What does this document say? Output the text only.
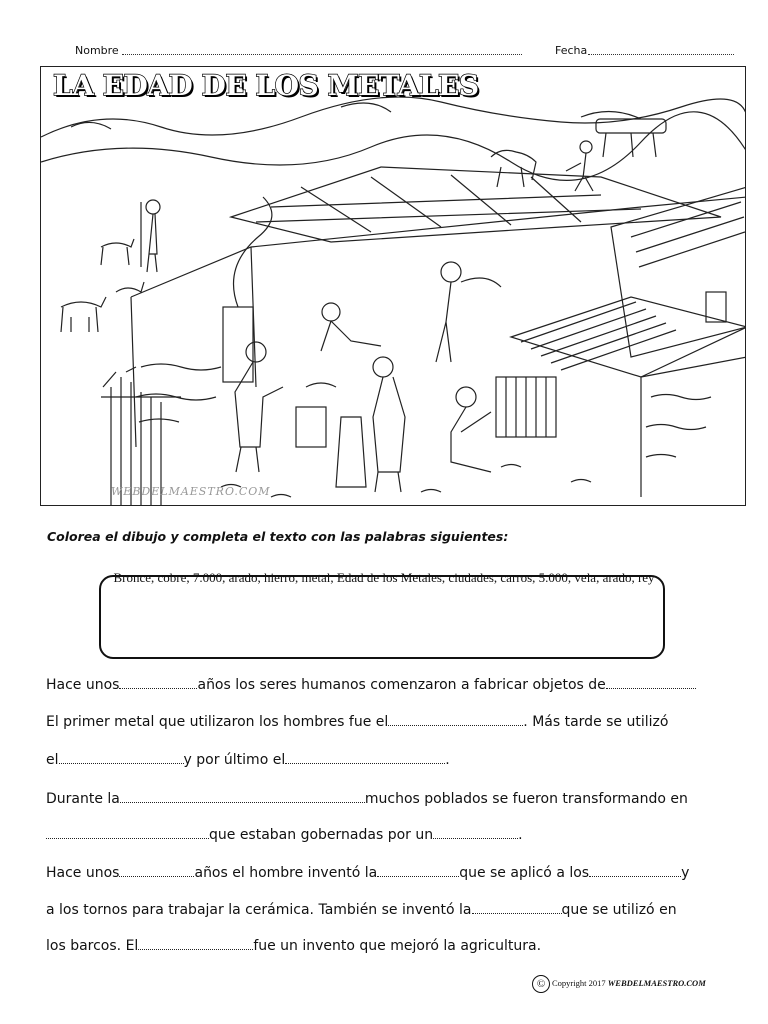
Nombre	Fecha
LA EDAD DE LOS METALES
WEBDELMAESTRO.COM
Colorea el dibujo y completa el texto con las palabras siguientes:
Bronce, cobre, 7.000, arado, hierro, metal, Edad de los Metales, ciudades, carros, 5.000, vela, arado, rey
Hace unos	años los seres humanos comenzaron a fabricar objetos de
El primer metal que utilizaron los hombres fue el	. Más tarde se utilizó
el	y por último el	.
Durante la	muchos poblados se fueron transformando en
que estaban gobernadas por un	.
Hace unos	años el hombre inventó la	que se aplicó a los	y
a los tornos para trabajar la cerámica. También se inventó la	que se utilizó en
los barcos. El	fue un invento que mejoró la agricultura.
© Copyright 2017 WEBDELMAESTRO.COM
